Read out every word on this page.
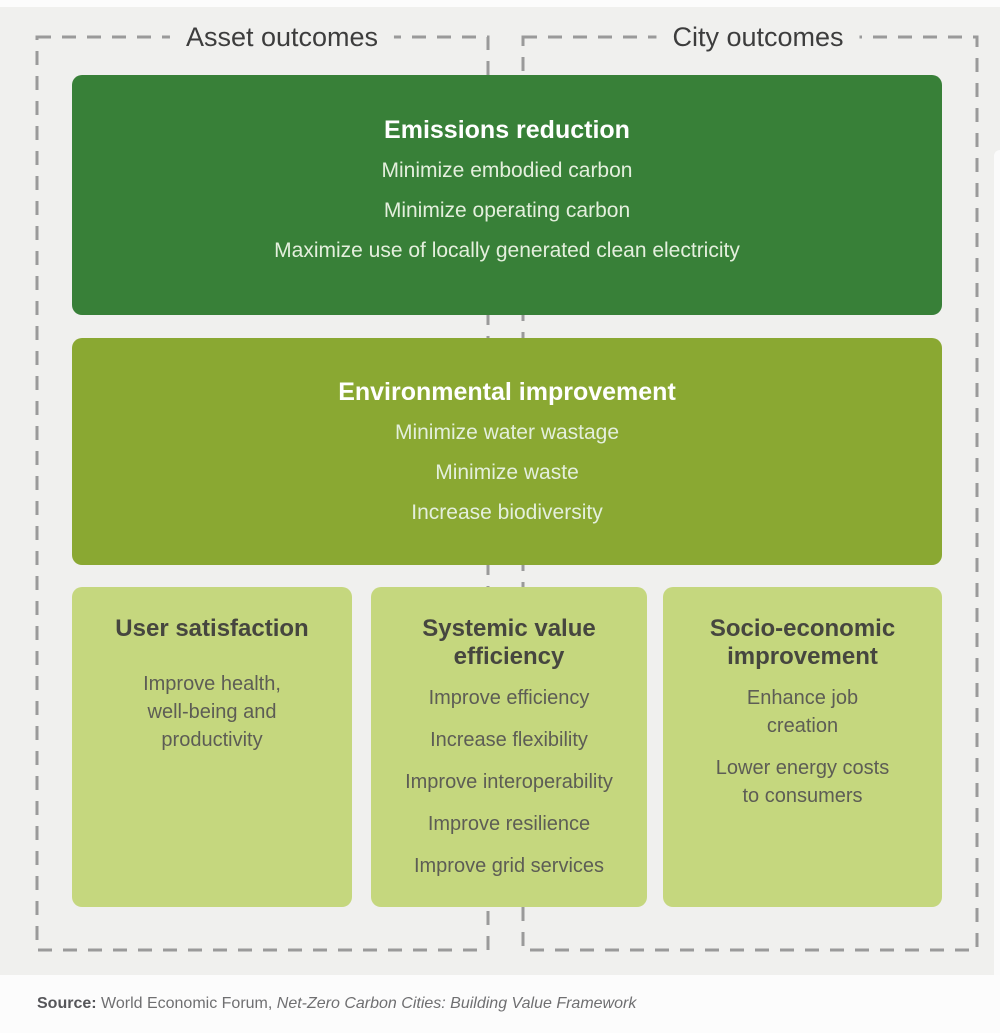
Asset outcomes	City outcomes
Emissions reduction
Minimize embodied carbon
Minimize operating carbon
Maximize use of locally generated clean electricity
Environmental improvement
Minimize water wastage
Minimize waste
Increase biodiversity
User satisfaction
Improve health, well-being and productivity
Systemic value efficiency
Improve efficiency
Increase flexibility
Improve interoperability
Improve resilience
Improve grid services
Socio-economic improvement
Enhance job creation
Lower energy costs to consumers
Source: World Economic Forum, Net-Zero Carbon Cities: Building Value Framework
